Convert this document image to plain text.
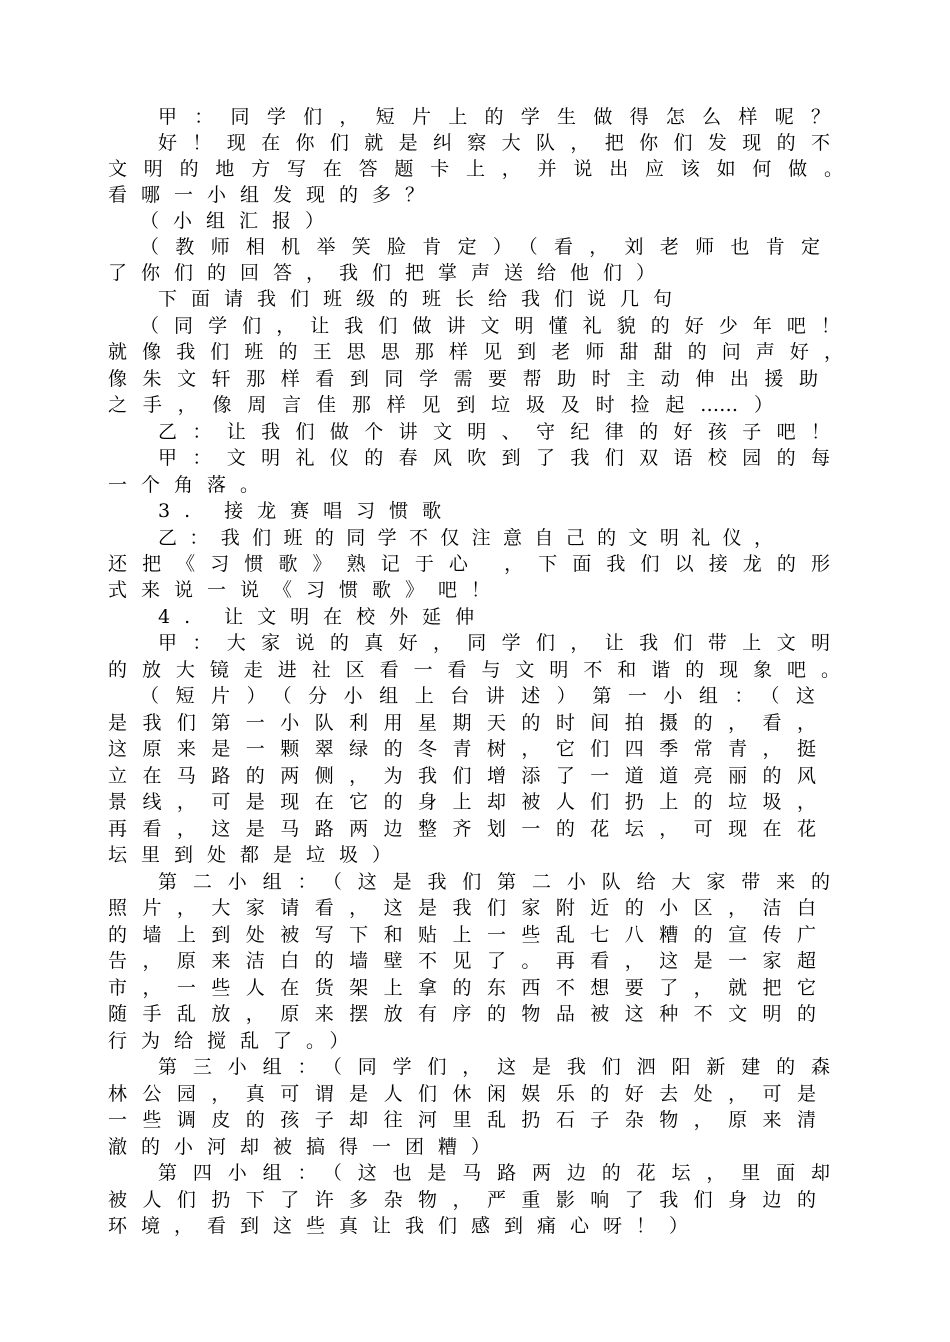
甲：同学们，短片上的学生做得怎么样呢？
好！现在你们就是纠察大队，把你们发现的不
文明的地方写在答题卡上，并说出应该如何做。
看哪一小组发现的多？
（小组汇报）
（教师相机举笑脸肯定）（看，刘老师也肯定
了你们的回答，我们把掌声送给他们）
下面请我们班级的班长给我们说几句
（同学们，让我们做讲文明懂礼貌的好少年吧！
就像我们班的王思思那样见到老师甜甜的问声好，
像朱文轩那样看到同学需要帮助时主动伸出援助
之手，像周言佳那样见到垃圾及时捡起……）
乙：让我们做个讲文明、守纪律的好孩子吧！
甲：文明礼仪的春风吹到了我们双语校园的每
一个角落。
3. 接龙赛唱习惯歌
乙：我们班的同学不仅注意自己的文明礼仪，
还把《习惯歌》熟记于心 ，下面我们以接龙的形
式来说一说《习惯歌》吧！
4. 让文明在校外延伸
甲：大家说的真好，同学们，让我们带上文明
的放大镜走进社区看一看与文明不和谐的现象吧。
（短片）（分小组上台讲述）第一小组：（这
是我们第一小队利用星期天的时间拍摄的，看，
这原来是一颗翠绿的冬青树，它们四季常青，挺
立在马路的两侧，为我们增添了一道道亮丽的风
景线，可是现在它的身上却被人们扔上的垃圾，
再看，这是马路两边整齐划一的花坛，可现在花
坛里到处都是垃圾）
第二小组：（这是我们第二小队给大家带来的
照片，大家请看，这是我们家附近的小区，洁白
的墙上到处被写下和贴上一些乱七八糟的宣传广
告，原来洁白的墙壁不见了。再看，这是一家超
市，一些人在货架上拿的东西不想要了，就把它
随手乱放，原来摆放有序的物品被这种不文明的
行为给搅乱了。）
第三小组：（同学们，这是我们泗阳新建的森
林公园，真可谓是人们休闲娱乐的好去处，可是
一些调皮的孩子却往河里乱扔石子杂物，原来清
澈的小河却被搞得一团糟）
第四小组：（这也是马路两边的花坛，里面却
被人们扔下了许多杂物，严重影响了我们身边的
环境，看到这些真让我们感到痛心呀！）
